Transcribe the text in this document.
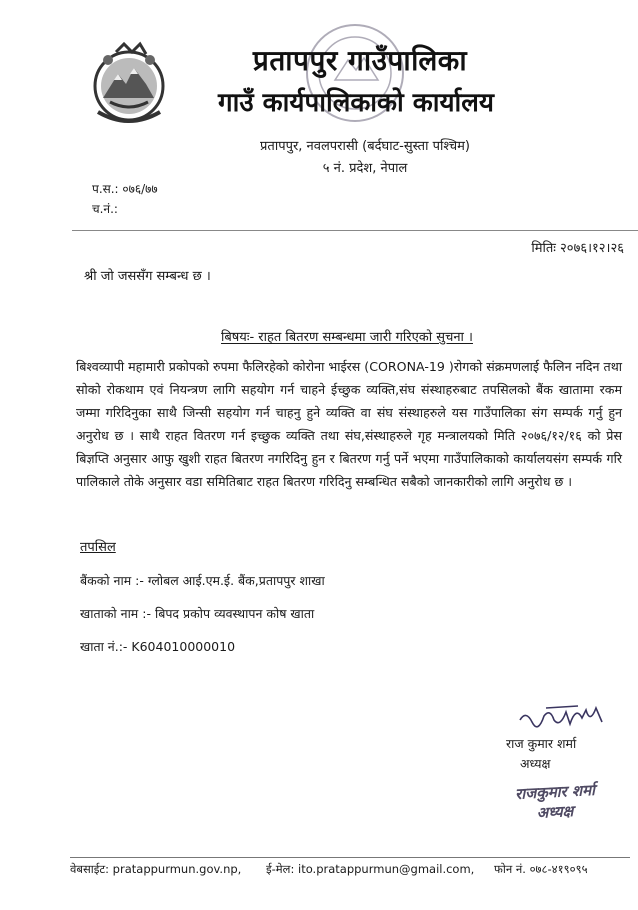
प्रतापपुर गाउँपालिका
गाउँ कार्यपालिकाको कार्यालय
प्रतापपुर, नवलपरासी (बर्दघाट-सुस्ता पश्चिम)
५ नं. प्रदेश, नेपाल
प.स.: ०७६/७७
च.नं.:
मितिः २०७६।१२।२६
श्री जो जससँग सम्बन्ध छ ।
बिषयः- राहत बितरण सम्बन्धमा जारी गरिएको सुचना ।
बिश्वव्यापी महामारी प्रकोपको रुपमा फैलिरहेको कोरोना भाईरस (CORONA-19 )रोगको संक्रमणलाई फैलिन नदिन तथा सोको रोकथाम एवं नियन्त्रण लागि सहयोग गर्न चाहने ईच्छुक व्यक्ति,संघ संस्थाहरुबाट तपसिलको बैंक खातामा रकम जम्मा गरिदिनुका साथै जिन्सी सहयोग गर्न चाहनु हुने व्यक्ति वा संघ संस्थाहरुले यस गाउँपालिका संग सम्पर्क गर्नु हुन अनुरोध छ । साथै राहत वितरण गर्न इच्छुक व्यक्ति तथा संघ,संस्थाहरुले गृह मन्त्रालयको मिति २०७६/१२/१६ को प्रेस बिज्ञप्ति अनुसार आफु खुशी राहत बितरण नगरिदिनु हुन र बितरण गर्नु पर्ने भएमा गाउँपालिकाको कार्यालयसंग सम्पर्क गरि पालिकाले तोके अनुसार वडा समितिबाट राहत बितरण गरिदिनु सम्बन्धित सबैको जानकारीको लागि अनुरोध छ ।
तपसिल
बैंकको नाम :- ग्लोबल आई.एम.ई. बैंक,प्रतापपुर शाखा
खाताको नाम :- बिपद प्रकोप व्यवस्थापन कोष खाता
खाता नं.:- K604010000010
राज कुमार शर्मा
अध्यक्ष
राजकुमार शर्मा
अध्यक्ष
वेबसाईट: pratappurmun.gov.np, ई-मेल: ito.pratappurmun@gmail.com, फोन नं. ०७८-४१९०९५
